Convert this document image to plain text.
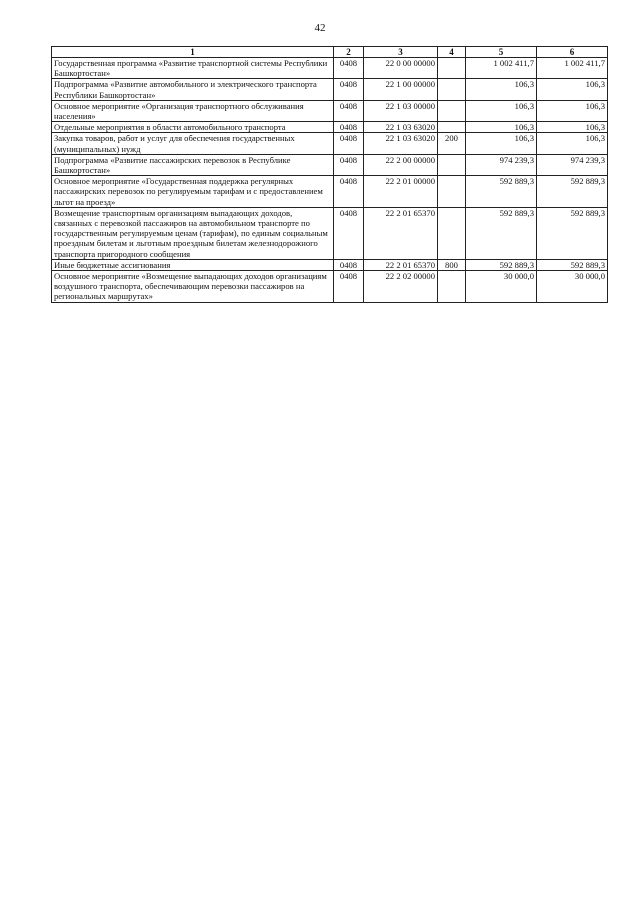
42
1	2	3	4	5	6
Государственная программа «Развитие транспортной системы Республики Башкортостан»	0408	22 0 00 00000		1 002 411,7	1 002 411,7
Подпрограмма «Развитие автомобильного и электрического транспорта Республики Башкортостан»	0408	22 1 00 00000		106,3	106,3
Основное мероприятие «Организация транспортного обслуживания населения»	0408	22 1 03 00000		106,3	106,3
Отдельные мероприятия в области автомобильного транспорта	0408	22 1 03 63020		106,3	106,3
Закупка товаров, работ и услуг для обеспечения государственных (муниципальных) нужд	0408	22 1 03 63020	200	106,3	106,3
Подпрограмма «Развитие пассажирских перевозок в Республике Башкортостан»	0408	22 2 00 00000		974 239,3	974 239,3
Основное мероприятие «Государственная поддержка регулярных пассажирских перевозок по регулируемым тарифам и с предоставлением льгот на проезд»	0408	22 2 01 00000		592 889,3	592 889,3
Возмещение транспортным организациям выпадающих доходов, связанных с перевозкой пассажиров на автомобильном транспорте по государственным регулируемым ценам (тарифам), по единым социальным проездным билетам и льготным проездным билетам железнодорожного транспорта пригородного сообщения	0408	22 2 01 65370		592 889,3	592 889,3
Иные бюджетные ассигнования	0408	22 2 01 65370	800	592 889,3	592 889,3
Основное мероприятие «Возмещение выпадающих доходов организациям воздушного транспорта, обеспечивающим перевозки пассажиров на региональных маршрутах»	0408	22 2 02 00000		30 000,0	30 000,0
